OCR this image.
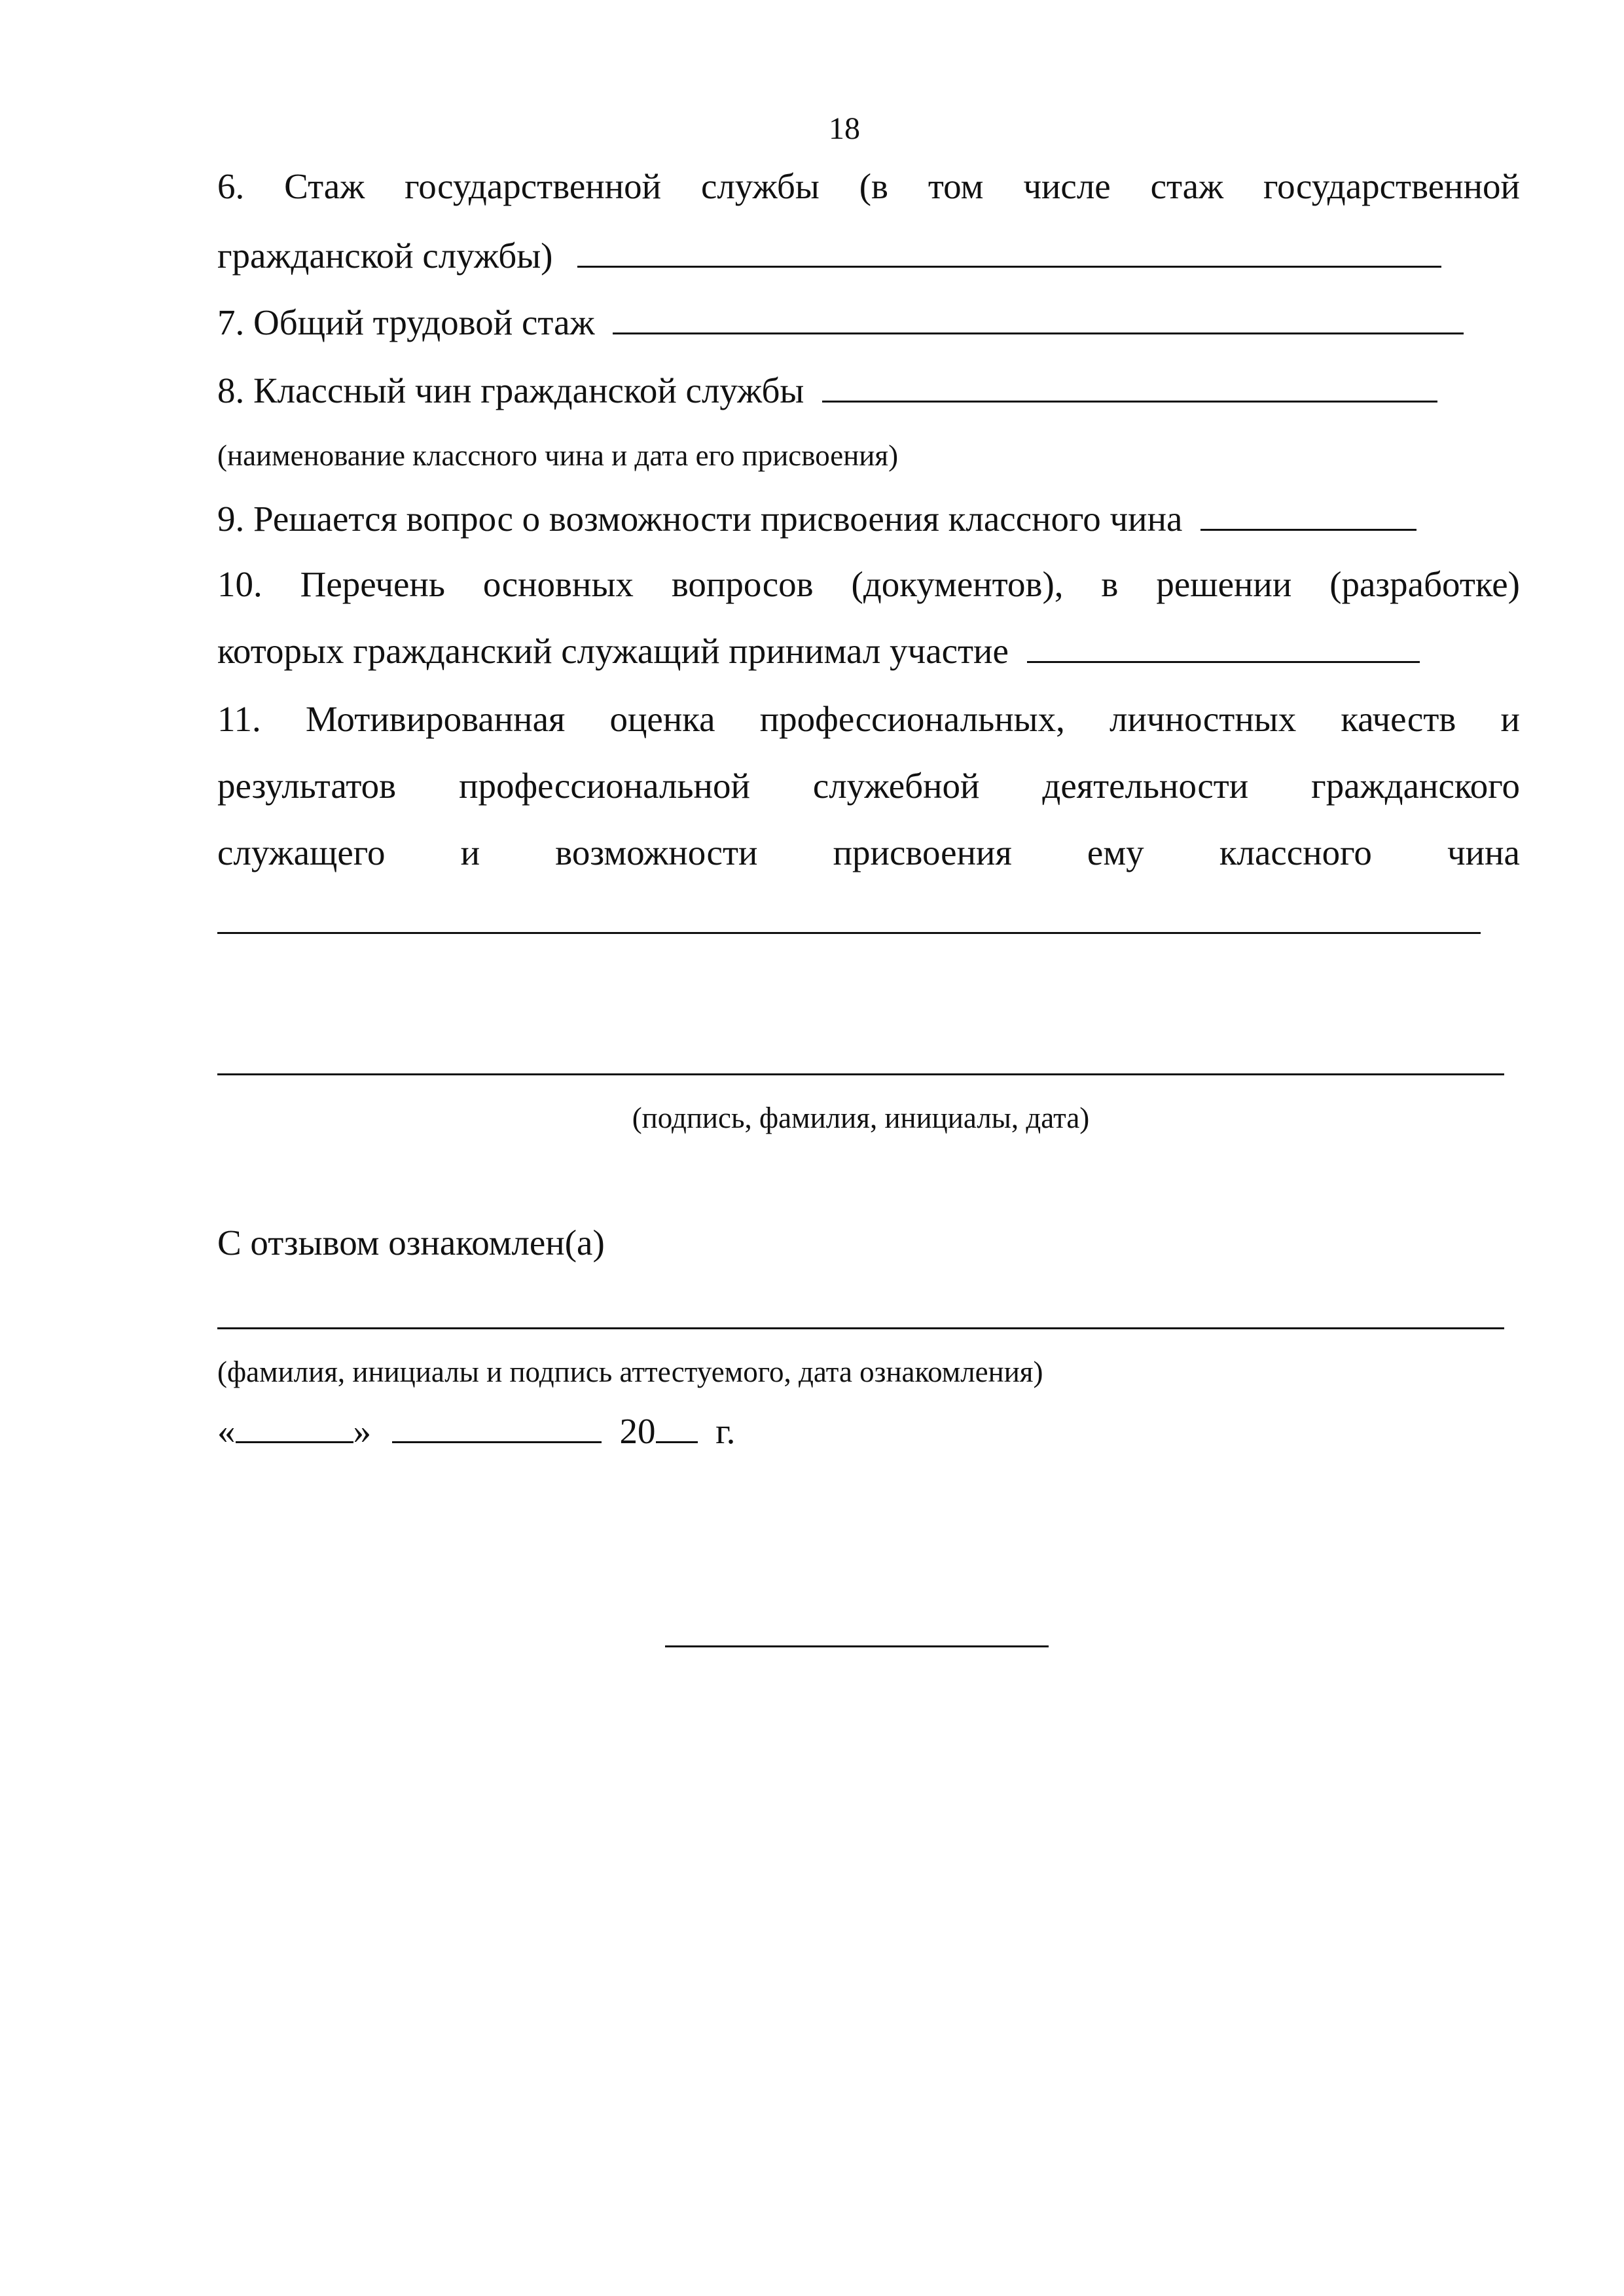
18
6. Стаж государственной службы (в том числе стаж государственной
гражданской службы)
7. Общий трудовой стаж
8. Классный чин гражданской службы
(наименование классного чина и дата его присвоения)
9. Решается вопрос о возможности присвоения классного чина
10. Перечень основных вопросов (документов), в решении (разработке)
которых гражданский служащий принимал участие
11. Мотивированная оценка профессиональных, личностных качеств и
результатов профессиональной служебной деятельности гражданского
служащего и возможности присвоения ему классного чина
(подпись, фамилия, инициалы, дата)
С отзывом ознакомлен(а)
(фамилия, инициалы и подпись аттестуемого, дата ознакомления)
«	»	20 г.
